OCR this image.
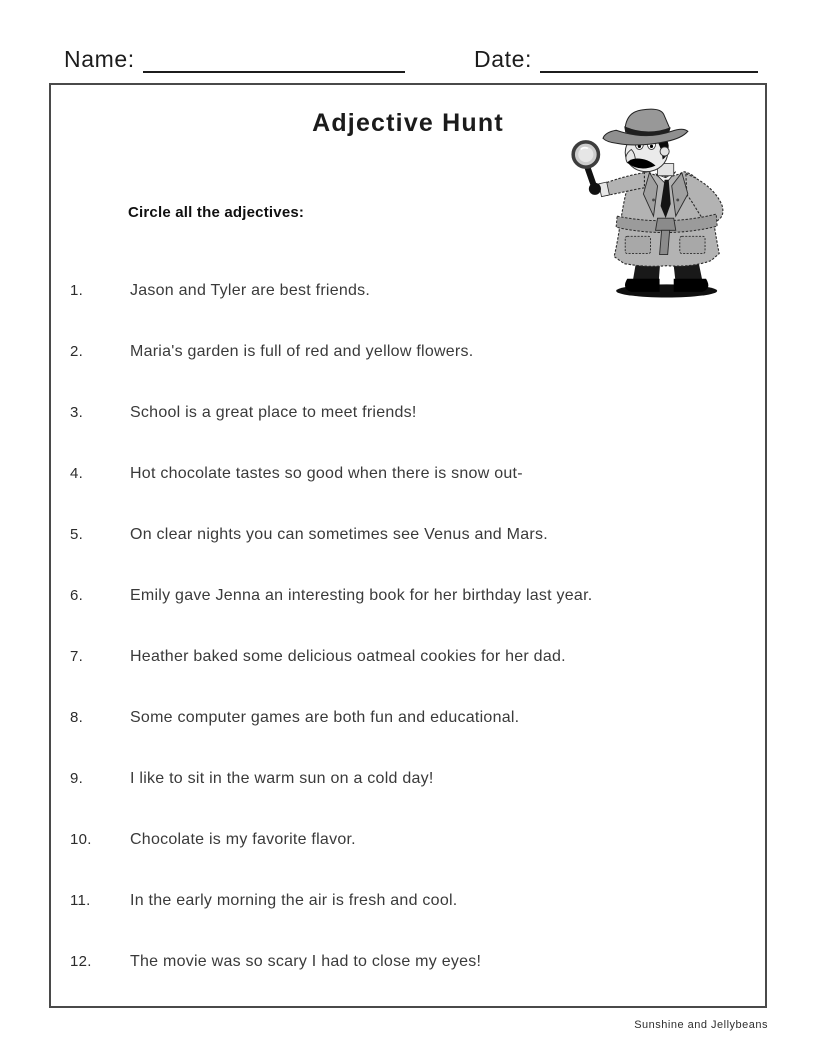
Name:	Date:
Adjective Hunt
Circle all the adjectives:
1.	Jason and Tyler are best friends.
2.	Maria's garden is full of red and yellow flowers.
3.	School is a great place to meet friends!
4.	Hot chocolate tastes so good when there is snow out-
5.	On clear nights you can sometimes see Venus and Mars.
6.	Emily gave Jenna an interesting book for her birthday last year.
7.	Heather baked some delicious oatmeal cookies for her dad.
8.	Some computer games are both fun and educational.
9.	I like to sit in the warm sun on a cold day!
10.	Chocolate is my favorite flavor.
11.	In the early morning the air is fresh and cool.
12.	The movie was so scary I had to close my eyes!
Sunshine and Jellybeans
